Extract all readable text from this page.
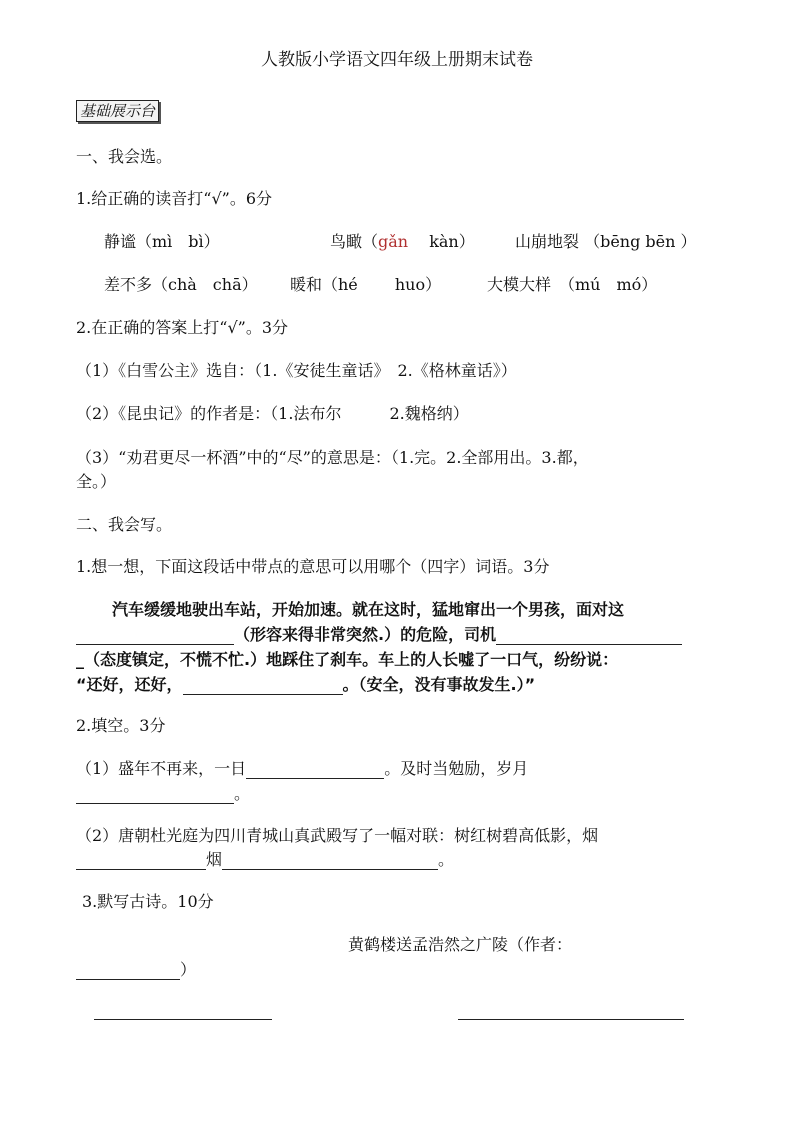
人教版小学语文四年级上册期末试卷
基础展示台
一、我会选。
1.给正确的读音打“√”。6分
静谧（mì　bì）	鸟瞰（gǎn　 kàn）	山崩地裂 （bēng bēn ）
差不多（chà　chā） 暖和（hé　　 huo）	大模大样　（mú　mó）
2.在正确的答案上打“√”。3分
（1）《白雪公主》选自：（1.《安徒生童话》　2.《格林童话》）
（2）《昆虫记》的作者是：（1.法布尔　　　2.魏格纳）
（3）“劝君更尽一杯酒”中的“尽”的意思是：（1.完。2.全部用出。3.都，
全。）
二、我会写。
1.想一想，下面这段话中带点的意思可以用哪个（四字）词语。3分
汽车缓缓地驶出车站，开始加速。就在这时，猛地窜出一个男孩，面对这
（形容来得非常突然.）的危险，司机
_（态度镇定，不慌不忙.）地踩住了刹车。车上的人长嘘了一口气，纷纷说：
“还好，还好，	。（安全，没有事故发生.）”
2.填空。3分
（1）盛年不再来，一日	。及时当勉励，岁月
。
（2）唐朝杜光庭为四川青城山真武殿写了一幅对联：树红树碧高低影，烟
烟	。
3.默写古诗。10分
黄鹤楼送孟浩然之广陵（作者：
）
